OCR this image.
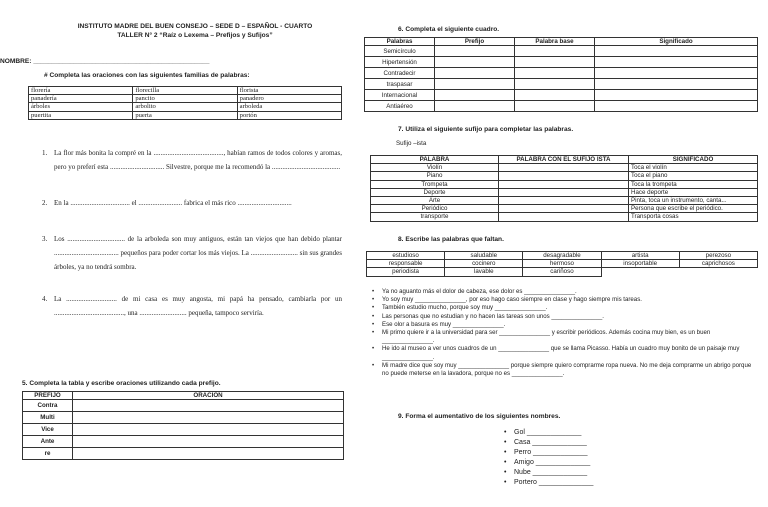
INSTITUTO MADRE DEL BUEN CONSEJO – SEDE D – ESPAÑOL - CUARTO
TALLER N° 2 “Raíz o Lexema – Prefijos y Sufijos”
NOMBRE: ________________________________________________
# Completa las oraciones con las siguientes familias de palabras:
florería	florecilla	florista
panadería	pancito	panadero
árboles	arbolito	arboleda
puertita	puerta	portón
1. La flor más bonita la compré en la ........................................, habían ramos de todos colores y aromas, pero yo preferí esta ............................... Silvestre, porque me la recomendó la .......................................
2. En la .................................. el ......................... fabrica el más rico ...............................
3. Los ................................. de la arboleda son muy antiguos, están tan viejos que han debido plantar ..................................... pequeños para poder cortar los más viejos. La ........................... sin sus grandes árboles, ya no tendrá sombra.
4. La ............................. de mi casa es muy angosta, mi papá ha pensado, cambiarla por un ........................................, una ........................... pequeña, tampoco serviría.
5. Completa la tabla y escribe oraciones utilizando cada prefijo.
PREFIJO	ORACIÓN
Contra	
Multi	
Vice	
Ante	
re	
6. Completa el siguiente cuadro.
Palabras	Prefijo	Palabra base	Significado
Semicírculo			
Hipertensión			
Contradecir			
traspasar			
Internacional			
Antiaéreo			
7. Utiliza el siguiente sufijo para completar las palabras.
Sufijo –ista
PALABRA	PALABRA CON EL SUFIJO ISTA	SIGNIFICADO
Violín		Toca el violín
Piano		Toca el piano
Trompeta		Toca la trompeta
Deporte		Hace deporte
Arte		Pinta, toca un instrumento, canta...
Periódico		Persona que escribe el periódico.
transporte		Transporta cosas
8. Escribe las palabras que faltan.
estudioso	saludable	desagradable	artista	perezoso
responsable	cocinero	hermoso	insoportable	caprichosos
periodista	lavable	cariñoso		
• Ya no aguanto más el dolor de cabeza, ese dolor es _______________.
• Yo soy muy _______________, por eso hago caso siempre en clase y hago siempre mis tareas.
• También estudio mucho, porque soy muy _______________.
• Las personas que no estudian y no hacen las tareas son unos _______________.
• Ese olor a basura es muy _______________.
• Mi primo quiere ir a la universidad para ser _______________ y escribir periódicos. Además cocina muy bien, es un buen _______________.
• He ido al museo a ver unos cuadros de un _______________ que se llama Picasso. Había un cuadro muy bonito de un paisaje muy _______________.
• Mi madre dice que soy muy _______________ porque siempre quiero comprarme ropa nueva. No me deja comprarme un abrigo porque no puede meterse en la lavadora, porque no es _______________.
9. Forma el aumentativo de los siguientes nombres.
• Gol ______________
• Casa ______________
• Perro ______________
• Amigo ______________
• Nube ______________
• Portero ______________
